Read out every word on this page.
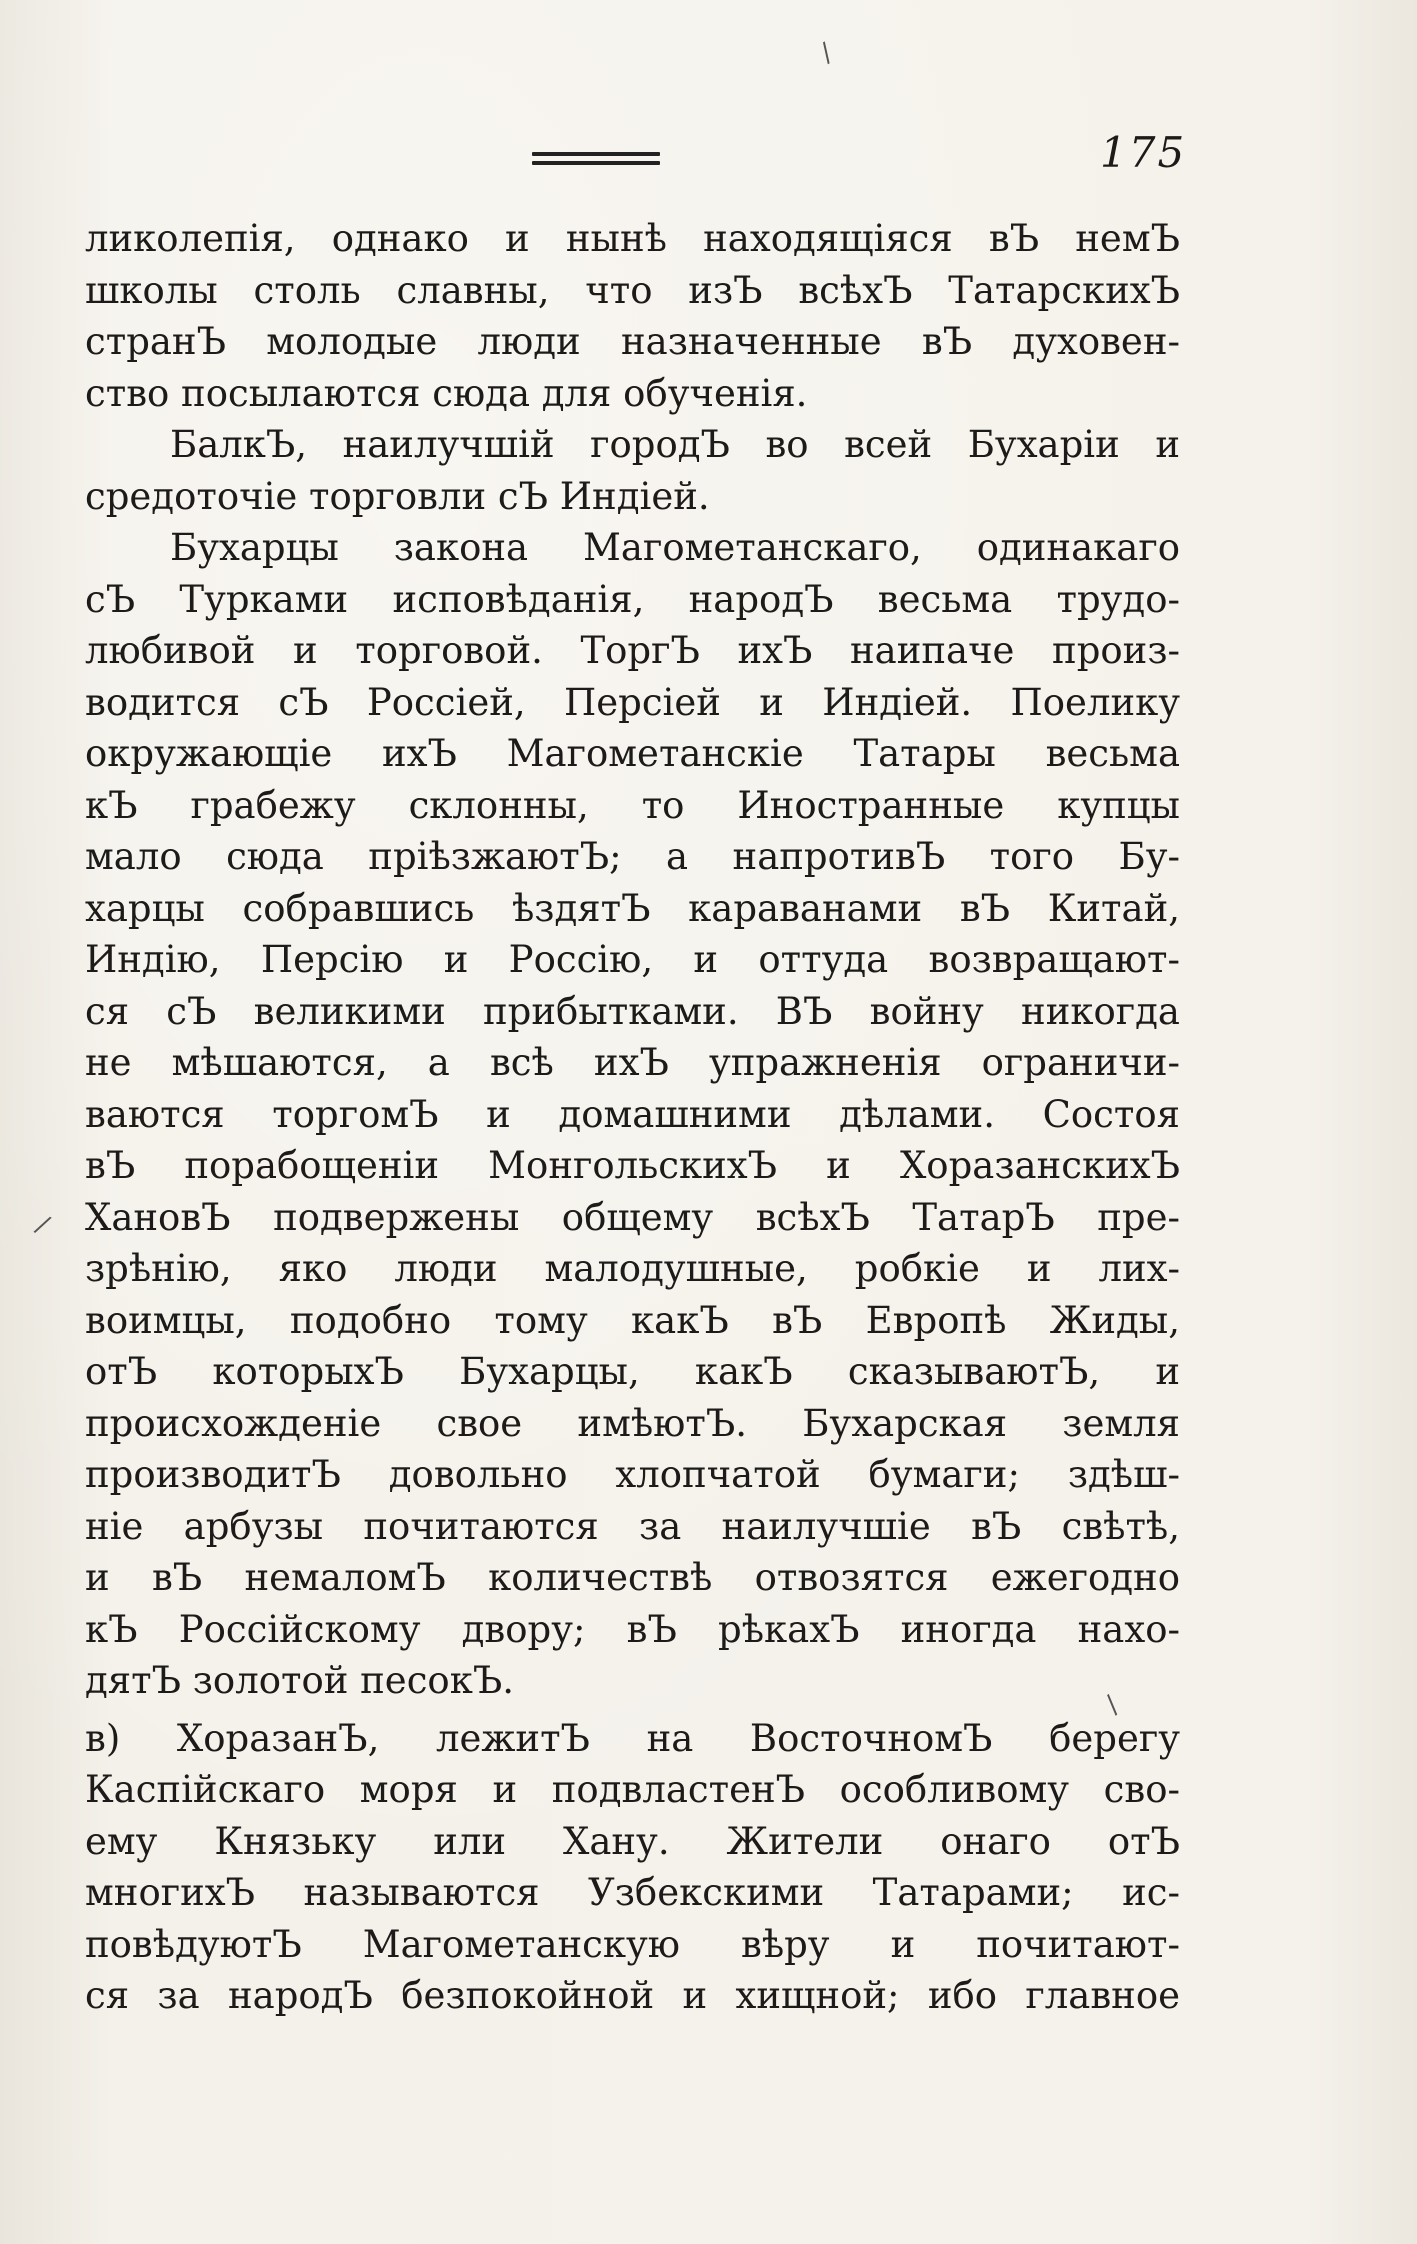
175
ликолепія, однако и нынѣ находящіяся вЪ немЪ
школы столь славны, что изЪ всѣхЪ ТатарскихЪ
странЪ молодые люди назначенные вЪ духовен-
ство посылаются сюда для обученія.
БалкЪ, наилучшій городЪ во всей Бухаріи и
средоточіе торговли сЪ Индіей.
Бухарцы закона Магометанскаго, одинакаго
сЪ Турками исповѣданія, народЪ весьма трудо-
любивой и торговой. ТоргЪ ихЪ наипаче произ-
водится сЪ Россіей, Персіей и Индіей. Поелику
окружающіе ихЪ Магометанскіе Татары весьма
кЪ грабежу склонны, то Иностранные купцы
мало сюда пріѣзжаютЪ; а напротивЪ того Бу-
харцы собравшись ѣздятЪ караванами вЪ Китай,
Индію, Персію и Россію, и оттуда возвращают-
ся сЪ великими прибытками. ВЪ войну никогда
не мѣшаются, а всѣ ихЪ упражненія ограничи-
ваются торгомЪ и домашними дѣлами. Состоя
вЪ порабощеніи МонгольскихЪ и ХоразанскихЪ
ХановЪ подвержены общему всѣхЪ ТатарЪ пре-
зрѣнію, яко люди малодушные, робкіе и лих-
воимцы, подобно тому какЪ вЪ Европѣ Жиды,
отЪ которыхЪ Бухарцы, какЪ сказываютЪ, и
происхожденіе свое имѣютЪ. Бухарская земля
производитЪ довольно хлопчатой бумаги; здѣш-
ніе арбузы почитаются за наилучшіе вЪ свѣтѣ,
и вЪ немаломЪ количествѣ отвозятся ежегодно
кЪ Россійскому двору; вЪ рѣкахЪ иногда нахо-
дятЪ золотой песокЪ.
в) ХоразанЪ, лежитЪ на ВосточномЪ берегу
Каспійскаго моря и подвластенЪ особливому сво-
ему Князьку или Хану. Жители онаго отЪ
многихЪ называются Узбекскими Татарами; ис-
повѣдуютЪ Магометанскую вѣру и почитают-
ся за народЪ безпокойной и хищной; ибо главное
/
/
/
